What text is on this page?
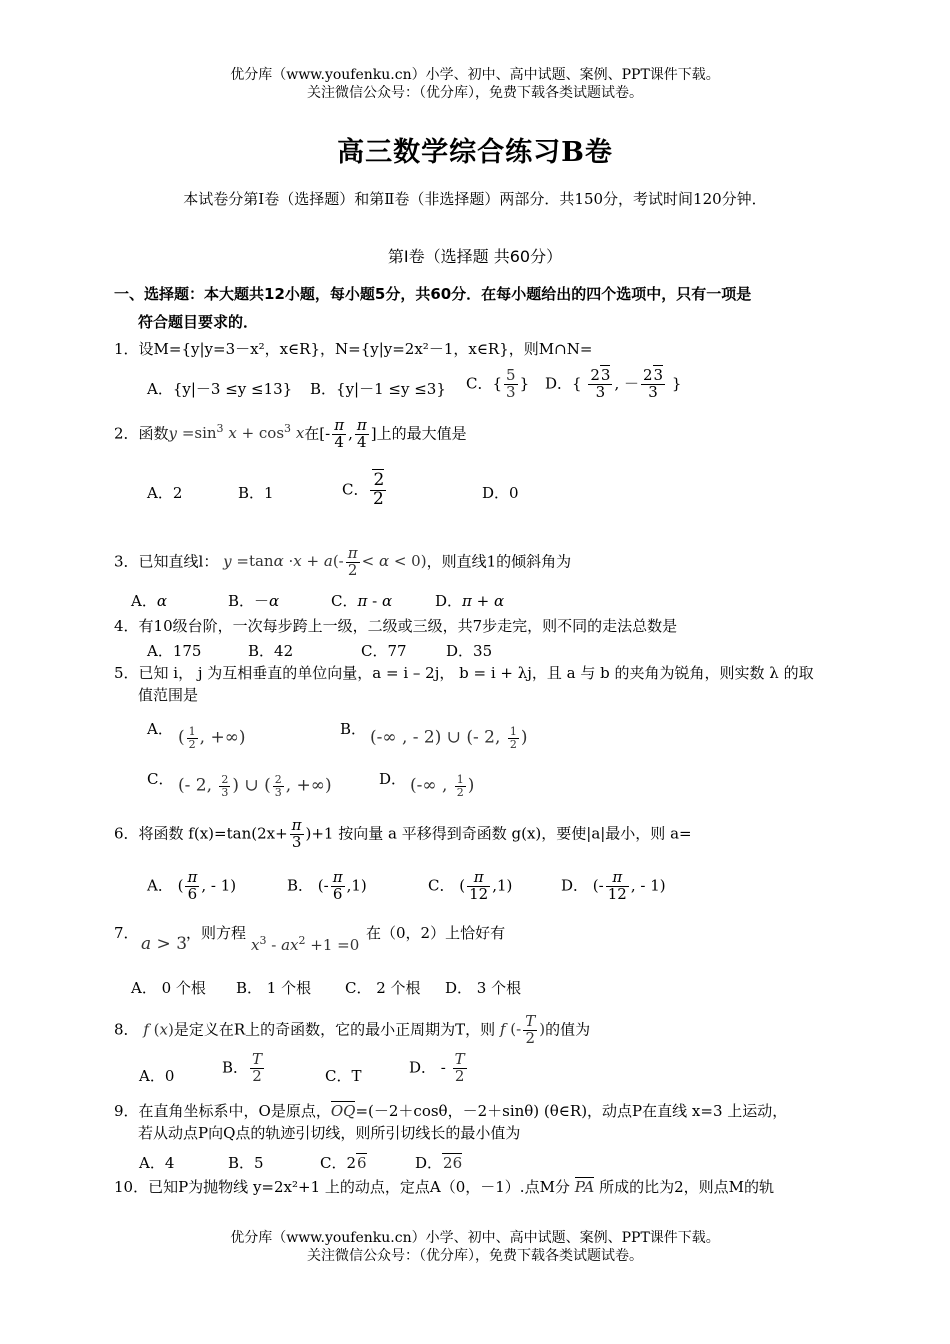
优分库（www.youfenku.cn）小学、初中、高中试题、案例、PPT课件下载。
关注微信公众号：（优分库），免费下载各类试题试卷。
高三数学综合练习B卷
本试卷分第Ⅰ卷（选择题）和第Ⅱ卷（非选择题）两部分．共150分，考试时间120分钟．
第Ⅰ卷（选择题 共60分）
一、选择题：本大题共12小题，每小题5分，共60分．在每小题给出的四个选项中，只有一项是
符合题目要求的．
1．设M={y|y=3－x²，x∈R}，N={y|y=2x²－1，x∈R}，则M∩N=
A．{y|－3 ≤y ≤13} B．{y|－1 ≤y ≤3} C．{ $\frac{5}{3}$ } D．{ $\frac{23}{3}$ , － $\frac{23}{3}$ }
2．函数$y =\sin^3$ $x + \cos^3 x$在[- $\frac{\pi}{4}$ , $\frac{\pi}{4}$ ]上的最大值是
A．2	B．1	C． $\frac{2}{2}$	D．0
3．已知直线l： $y =\tan\alpha \cdot x + a(- \frac{\pi}{2} < \alpha < 0)$，则直线1的倾斜角为
A．α	B．－α	C．π - α	D．π + α
4．有10级台阶，一次每步跨上一级，二级或三级，共7步走完，则不同的走法总数是
A．175	B．42	C．77	D．35
5．已知 i， j 为互相垂直的单位向量，a = i – 2j， b = i + λj，且 a 与 b 的夹角为锐角，则实数 λ 的取
值范围是
A． ( $\frac{1}{2}$ , +∞)	B． (-∞ , - 2) ∪ (- 2, $\frac{1}{2}$ )
C． (- 2, $\frac{2}{3}$ ) ∪ ( $\frac{2}{3}$ , +∞)	D． (-∞ , $\frac{1}{2}$ )
6．将函数 $f(x)=\tan(2x+ \frac{\pi}{3} )+1$ 按向量 a 平移得到奇函数 g(x)，要使|a|最小，则 a=
A． ( $\frac{\pi}{6}$ , - 1)	B． (- $\frac{\pi}{6} ,1$)	C． ( $\frac{\pi}{12} ,1$)	D． (- $\frac{\pi}{12}$ , - 1)
7．
a > 3
，则方程
$x^3 - ax^2 +1 =0$
在（0，2）上恰好有
A． 0 个根 B． 1 个根 C． 2 个根 D． 3 个根
8． f (x)是定义在R上的奇函数，它的最小正周期为T，则 f (- $\frac{T}{2}$ )的值为
A．0	B． $\frac{T}{2}$	C．T	D． - $\frac{T}{2}$
9．在直角坐标系中，O是原点，OQ=(－2＋cosθ，－2＋sinθ) (θ∈R)，动点P在直线 x=3 上运动，
若从动点P向Q点的轨迹引切线，则所引切线长的最小值为
A．4	B．5	C．26	D．26
10．已知P为抛物线 y=2x²+1 上的动点，定点A（0，－1）.点M分 PA 所成的比为2，则点M的轨
优分库（www.youfenku.cn）小学、初中、高中试题、案例、PPT课件下载。
关注微信公众号：（优分库），免费下载各类试题试卷。
